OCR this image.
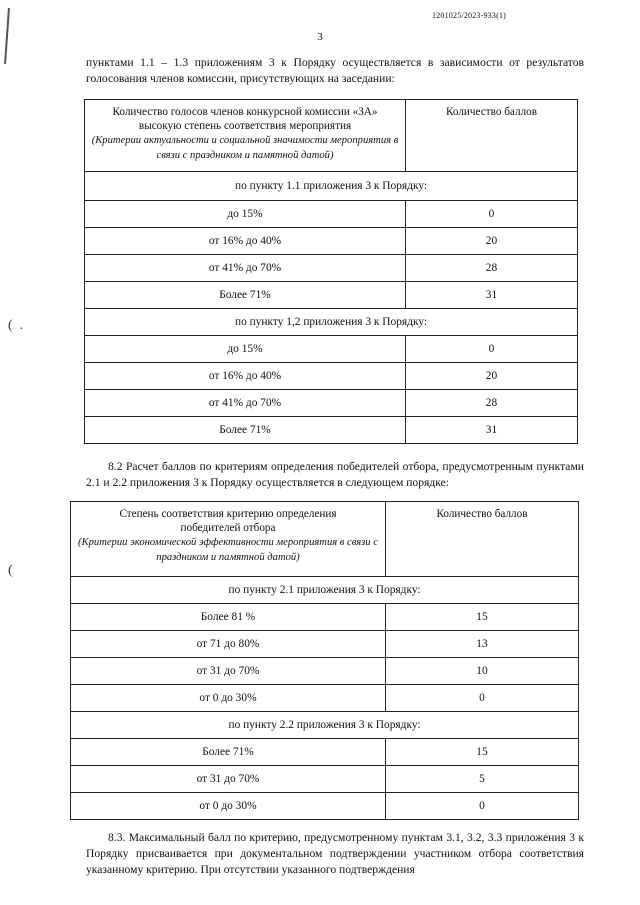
1201025/2023-933(1)
3
пунктами 1.1 – 1.3 приложениям 3 к Порядку осуществляется в зависимости от результатов голосования членов комиссии, присутствующих на заседании:
(  .
(
Количество голосов членов конкурсной комиссии «ЗА»
высокую степень соответствия мероприятия
(Критерии актуальности и социальной значимости мероприятия в связи с праздником и памятной датой)	Количество баллов
по пункту 1.1 приложения 3 к Порядку:	
до 15%	0
от 16% до 40%	20
от 41% до 70%	28
Более 71%	31
по пункту 1,2 приложения 3 к Порядку:	
до 15%	0
от 16% до 40%	20
от 41% до 70%	28
Более 71%	31
8.2 Расчет баллов по критериям определения победителей отбора, предусмотренным пунктами 2.1 и 2.2 приложения 3 к Порядку осуществляется в следующем порядке:
Степень соответствия критерию определения
победителей отбора
(Критерии экономической эффективности мероприятия в связи с праздником и памятной датой)	Количество баллов
по пункту 2.1 приложения 3 к Порядку:	
Более 81 %	15
от 71 до 80%	13
от 31 до 70%	10
от 0 до 30%	0
по пункту 2.2 приложения 3 к Порядку:	
Более 71%	15
от 31 до 70%	5
от 0 до 30%	0
8.3. Максимальный балл по критерию, предусмотренному пунктам 3.1, 3.2, 3.3 приложения 3 к Порядку присваивается при документальном подтверждении участником отбора соответствия указанному критерию. При отсутствии указанного подтверждения
